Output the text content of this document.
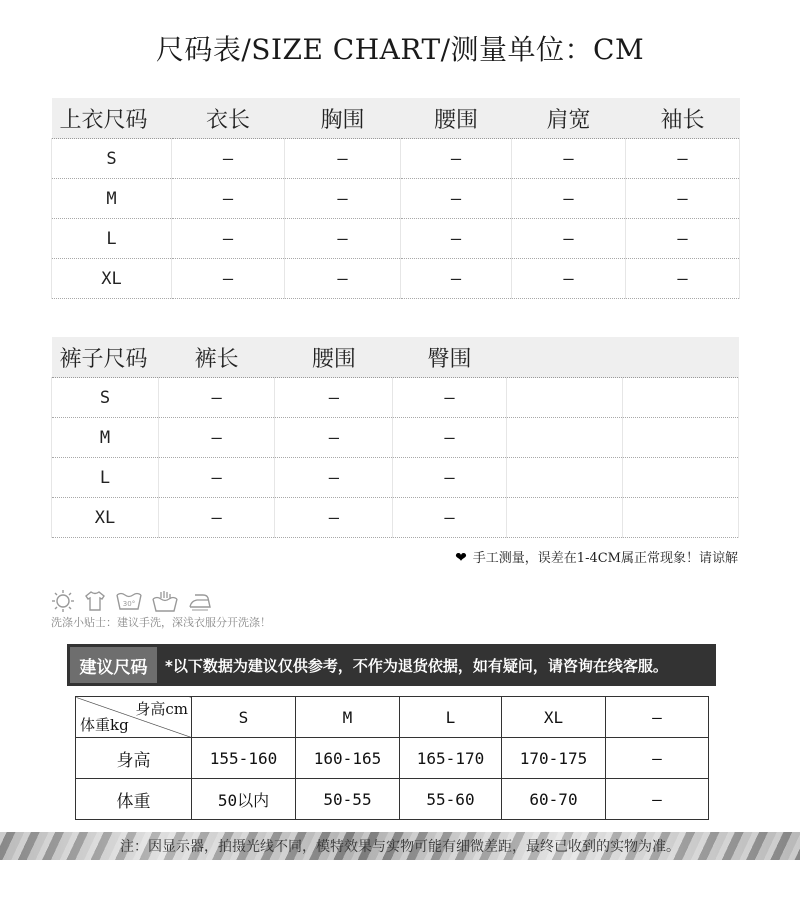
尺码表/SIZE CHART/测量单位：CM
上衣尺码	衣长	胸围	腰围	肩宽	袖长
S	–	–	–	–	–
M	–	–	–	–	–
L	–	–	–	–	–
XL	–	–	–	–	–
裤子尺码	裤长	腰围	臀围		
S	–	–	–		
M	–	–	–		
L	–	–	–		
XL	–	–	–		
❤ 手工测量，误差在1-4CM属正常现象！请谅解
30°
洗涤小贴士：建议手洗，深浅衣服分开洗涤！
建议尺码	*以下数据为建议仅供参考，不作为退货依据，如有疑问，请咨询在线客服。
身高cm
体重kg	S	M	L	XL	–
身高	155-160	160-165	165-170	170-175	–
体重	50以内	50-55	55-60	60-70	–
注：因显示器，拍摄光线不同，模特效果与实物可能有细微差距，最终已收到的实物为准。
